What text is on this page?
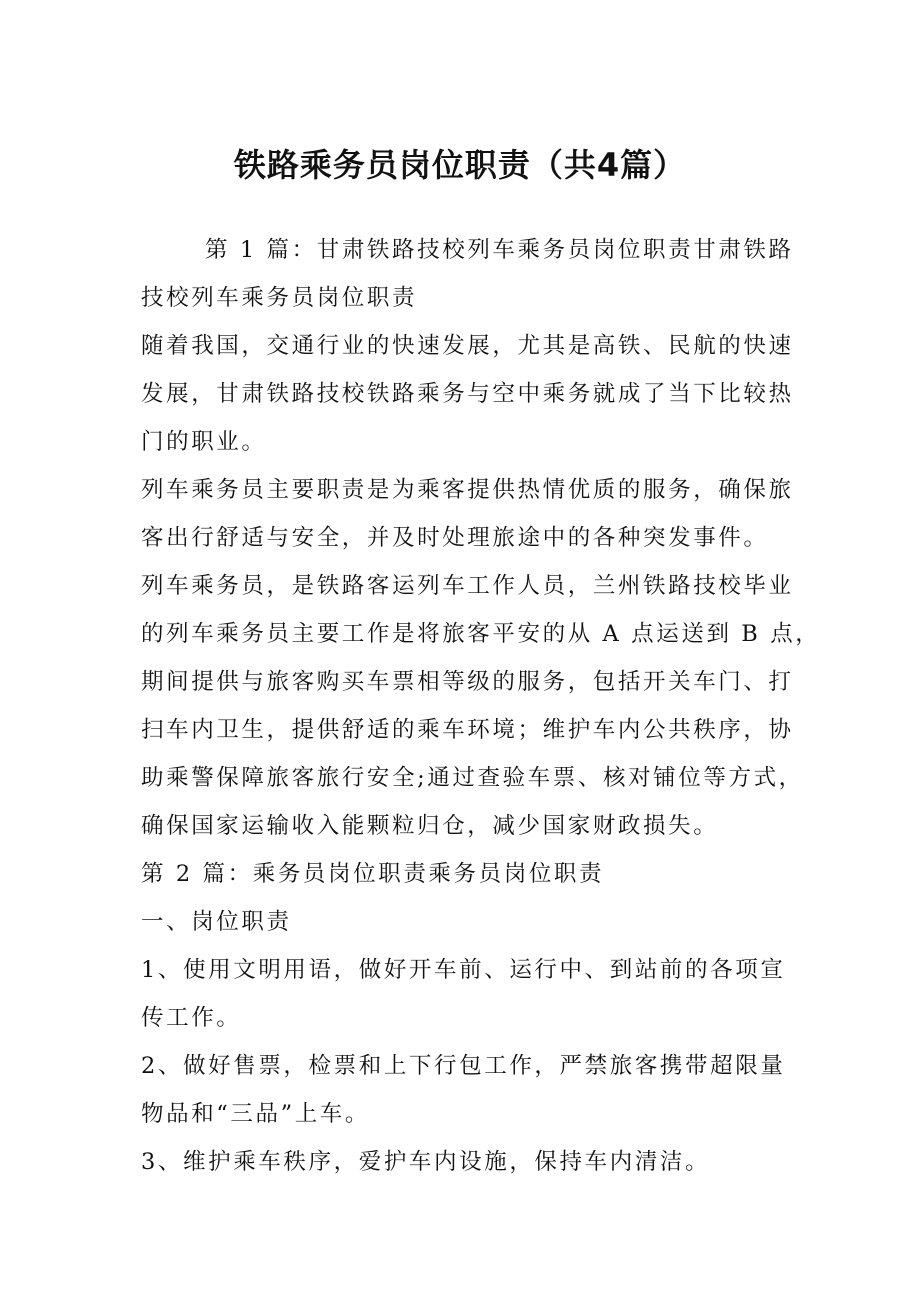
铁路乘务员岗位职责（共4篇）

第 1 篇：甘肃铁路技校列车乘务员岗位职责甘肃铁路

技校列车乘务员岗位职责

随着我国，交通行业的快速发展，尤其是高铁、民航的快速

发展，甘肃铁路技校铁路乘务与空中乘务就成了当下比较热

门的职业。

列车乘务员主要职责是为乘客提供热情优质的服务，确保旅

客出行舒适与安全，并及时处理旅途中的各种突发事件。

列车乘务员，是铁路客运列车工作人员，兰州铁路技校毕业

的列车乘务员主要工作是将旅客平安的从 A 点运送到 B 点，

期间提供与旅客购买车票相等级的服务，包括开关车门、打

扫车内卫生，提供舒适的乘车环境；维护车内公共秩序，协

助乘警保障旅客旅行安全;通过查验车票、核对铺位等方式，

确保国家运输收入能颗粒归仓，减少国家财政损失。

第 2 篇：乘务员岗位职责乘务员岗位职责

一、岗位职责

1、使用文明用语，做好开车前、运行中、到站前的各项宣

传工作。

2、做好售票，检票和上下行包工作，严禁旅客携带超限量

物品和“三品”上车。

3、维护乘车秩序，爱护车内设施，保持车内清洁。
